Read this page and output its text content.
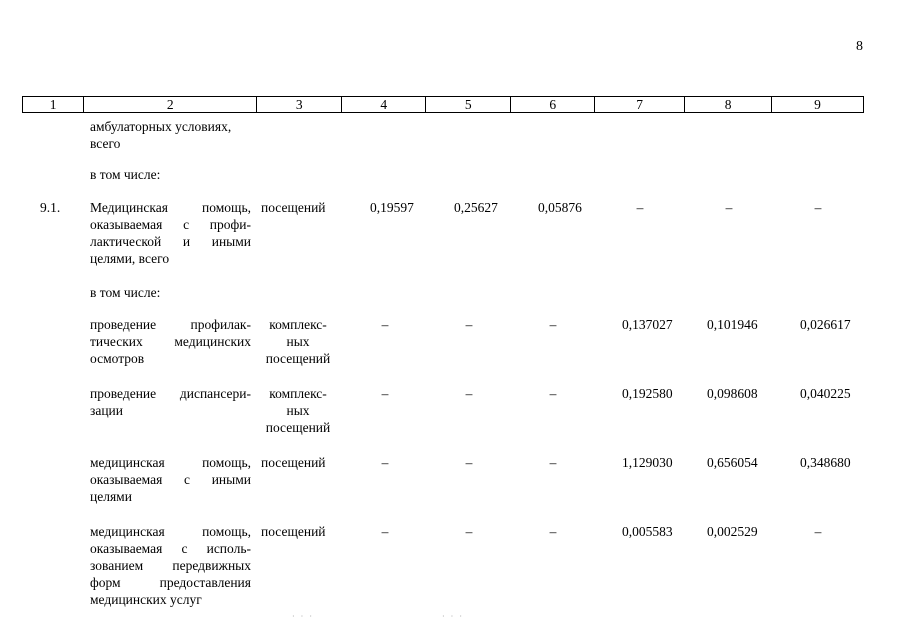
8
1	2	3	4	5	6	7	8	9
амбулаторных условиях,
всего
в том числе:
9.1. Медицинская помощь,
оказываемая с профи-
лактической и иными
целями, всего
посещений	0,19597	0,25627	0,05876	–	–	–
в том числе:
проведение профилак-
тических медицинских
осмотров
комплекс-
ных
посещений
–	–	–	0,137027	0,101946	0,026617
проведение диспансери-
зации
комплекс-
ных
посещений
–	–	–	0,192580	0,098608	0,040225
медицинская помощь,
оказываемая с иными
целями
посещений	–	–	–	1,129030	0,656054	0,348680
медицинская помощь,
оказываемая с исполь-
зованием передвижных
форм предоставления
медицинских услуг
посещений	–	–	–	0,005583	0,002529	–
· · ·	· · ·
